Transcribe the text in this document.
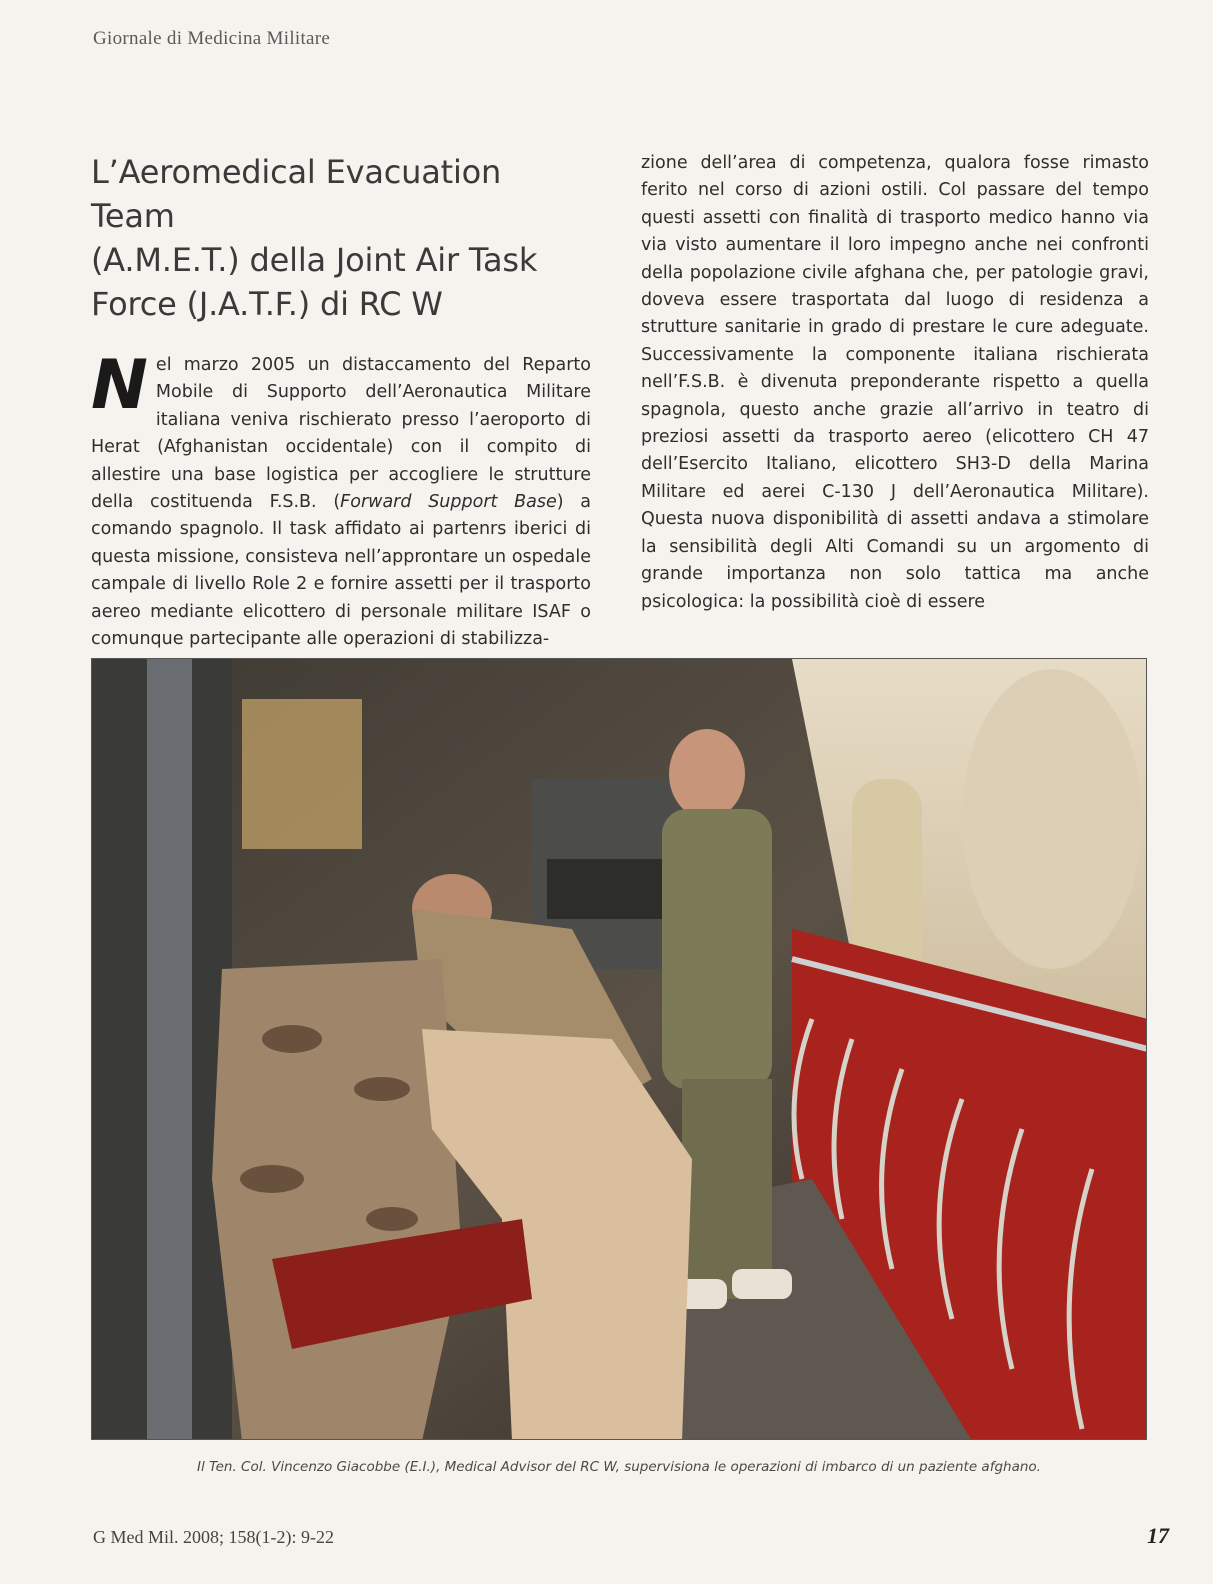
Giornale di Medicina Militare
L’Aeromedical Evacuation Team
(A.M.E.T.) della Joint Air Task
Force (J.A.T.F.) di RC W

Nel marzo 2005 un distaccamento del Reparto Mobile di Supporto dell’Aeronautica Militare italiana veniva rischierato presso l’aeroporto di Herat (Afghanistan occidentale) con il compito di allestire una base logistica per accogliere le strutture della costituenda F.S.B. (Forward Support Base) a comando spagnolo. Il task affidato ai partenrs iberici di questa missione, consisteva nell’approntare un ospedale campale di livello Role 2 e fornire assetti per il trasporto aereo mediante elicottero di personale militare ISAF o comunque partecipante alle operazioni di stabilizza-

zione dell’area di competenza, qualora fosse rimasto ferito nel corso di azioni ostili. Col passare del tempo questi assetti con finalità di trasporto medico hanno via via visto aumentare il loro impegno anche nei confronti della popolazione civile afghana che, per patologie gravi, doveva essere trasportata dal luogo di residenza a strutture sanitarie in grado di prestare le cure adeguate. Successivamente la componente italiana rischierata nell’F.S.B. è divenuta preponderante rispetto a quella spagnola, questo anche grazie all’arrivo in teatro di preziosi assetti da trasporto aereo (elicottero CH 47 dell’Esercito Italiano, elicottero SH3-D della Marina Militare ed aerei C-130 J dell’Aeronautica Militare). Questa nuova disponibilità di assetti andava a stimolare la sensibilità degli Alti Comandi su un argomento di grande importanza non solo tattica ma anche psicologica: la possibilità cioè di essere

Il Ten. Col. Vincenzo Giacobbe (E.I.), Medical Advisor del RC W, supervisiona le operazioni di imbarco di un paziente afghano.
G Med Mil. 2008; 158(1-2): 9-22	17
